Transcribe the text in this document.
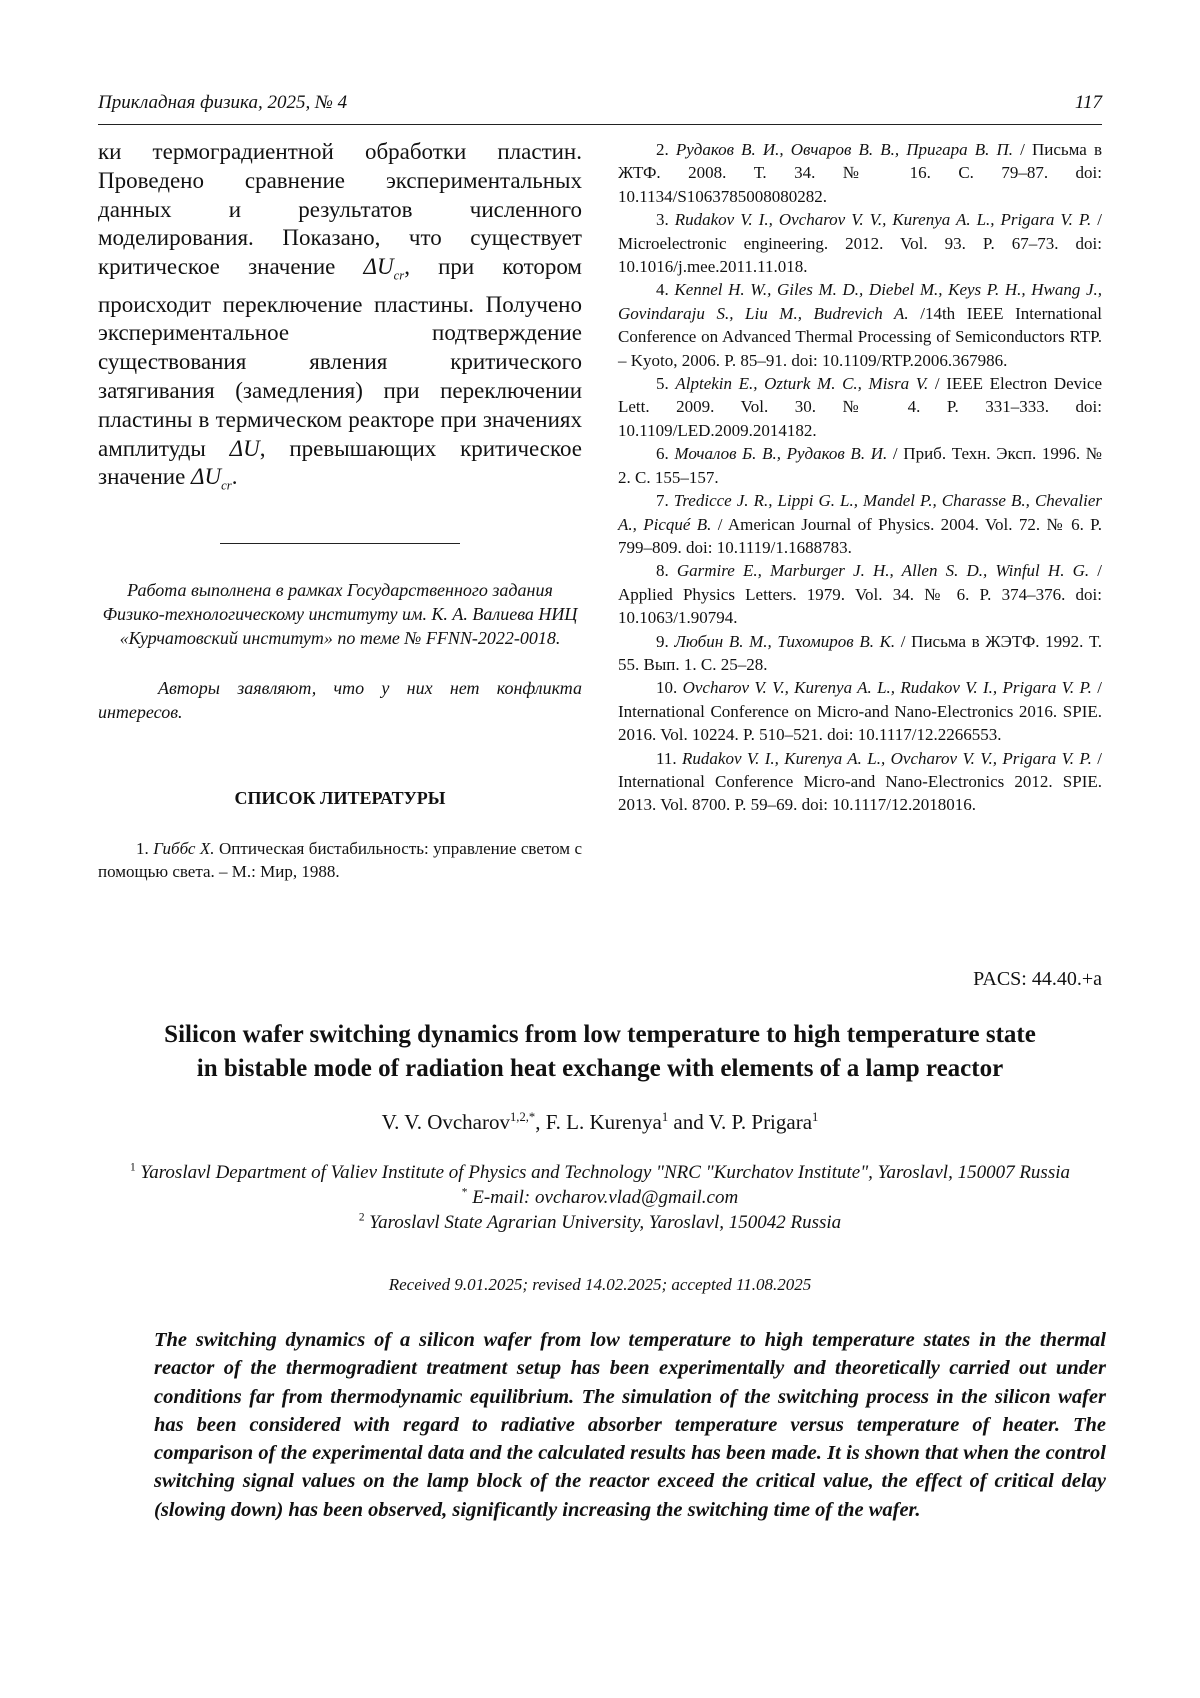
Прикладная физика, 2025, № 4	117
ки термоградиентной обработки пластин. Проведено сравнение экспериментальных данных и результатов численного моделирования. Показано, что существует критическое значение $\Delta U_{cr}$, при котором происходит переключение пластины. Получено экспериментальное подтверждение существования явления критического затягивания (замедления) при переключении пластины в термическом реакторе при значениях амплитуды ΔU, превышающих критическое значение $\Delta U_{cr}$.
Работа выполнена в рамках Государственного задания Физико-технологическому институту им. К. А. Валиева НИЦ «Курчатовский институт» по теме № FFNN-2022-0018.
Авторы заявляют, что у них нет конфликта интересов.
СПИСОК ЛИТЕРАТУРЫ
1. Гиббс Х. Оптическая бистабильность: управление светом с помощью света. – М.: Мир, 1988.
2. Рудаков В. И., Овчаров В. В., Пригара В. П. / Письма в ЖТФ. 2008. Т. 34. № 16. С. 79–87. doi: 10.1134/S1063785008080282.
3. Rudakov V. I., Ovcharov V. V., Kurenya A. L., Prigara V. P. / Microelectronic engineering. 2012. Vol. 93. P. 67–73. doi: 10.1016/j.mee.2011.11.018.
4. Kennel H. W., Giles M. D., Diebel M., Keys P. H., Hwang J., Govindaraju S., Liu M., Budrevich A. /14th IEEE International Conference on Advanced Thermal Processing of Semiconductors RTP. – Kyoto, 2006. P. 85–91. doi: 10.1109/RTP.2006.367986.
5. Alptekin E., Ozturk M. C., Misra V. / IEEE Electron Device Lett. 2009. Vol. 30. № 4. P. 331–333. doi: 10.1109/LED.2009.2014182.
6. Мочалов Б. В., Рудаков В. И. / Приб. Техн. Эксп. 1996. № 2. С. 155–157.
7. Tredicce J. R., Lippi G. L., Mandel P., Charasse B., Chevalier A., Picqué B. / American Journal of Physics. 2004. Vol. 72. № 6. P. 799–809. doi: 10.1119/1.1688783.
8. Garmire E., Marburger J. H., Allen S. D., Winful H. G. / Applied Physics Letters. 1979. Vol. 34. № 6. P. 374–376. doi: 10.1063/1.90794.
9. Любин В. М., Тихомиров В. К. / Письма в ЖЭТФ. 1992. Т. 55. Вып. 1. С. 25–28.
10. Ovcharov V. V., Kurenya A. L., Rudakov V. I., Prigara V. P. / International Conference on Micro-and Nano-Electronics 2016. SPIE. 2016. Vol. 10224. P. 510–521. doi: 10.1117/12.2266553.
11. Rudakov V. I., Kurenya A. L., Ovcharov V. V., Prigara V. P. / International Conference Micro-and Nano-Electronics 2012. SPIE. 2013. Vol. 8700. P. 59–69. doi: 10.1117/12.2018016.
PACS: 44.40.+a
Silicon wafer switching dynamics from low temperature to high temperature state
in bistable mode of radiation heat exchange with elements of a lamp reactor
V. V. Ovcharov$^{1,2,*}$, F. L. Kurenya$^1$ and V. P. Prigara$^1$
$^1$ Yaroslavl Department of Valiev Institute of Physics and Technology "NRC "Kurchatov Institute", Yaroslavl, 150007 Russia
* E-mail: ovcharov.vlad@gmail.com
$^2$ Yaroslavl State Agrarian University, Yaroslavl, 150042 Russia
Received 9.01.2025; revised 14.02.2025; accepted 11.08.2025
The switching dynamics of a silicon wafer from low temperature to high temperature states in the thermal reactor of the thermogradient treatment setup has been experimentally and theoretically carried out under conditions far from thermodynamic equilibrium. The simulation of the switching process in the silicon wafer has been considered with regard to radiative absorber temperature versus temperature of heater. The comparison of the experimental data and the calculated results has been made. It is shown that when the control switching signal values on the lamp block of the reactor exceed the critical value, the effect of critical delay (slowing down) has been observed, significantly increasing the switching time of the wafer.
